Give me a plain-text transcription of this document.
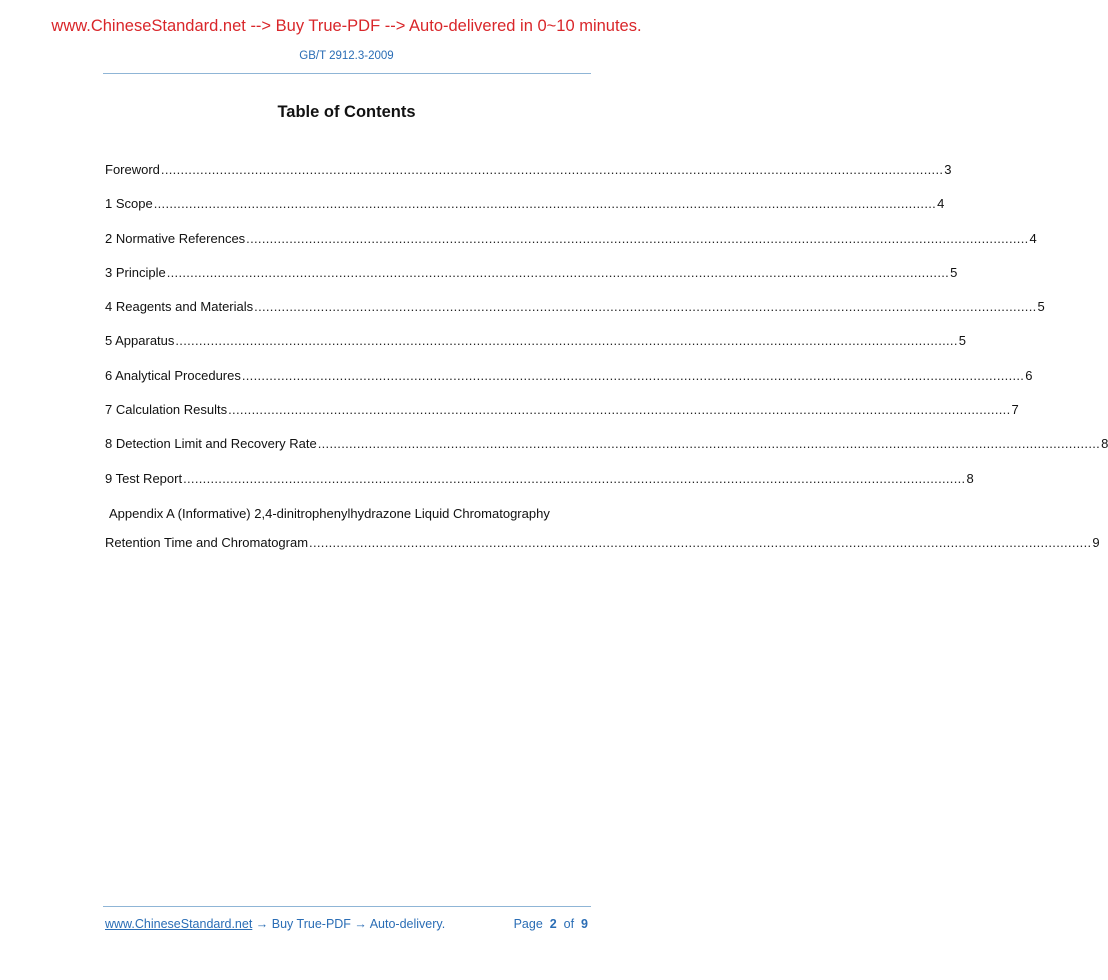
www.ChineseStandard.net --> Buy True-PDF --> Auto-delivered in 0~10 minutes.
GB/T 2912.3-2009
Table of Contents
Foreword ........................................................................................................................................................................................................ 3
1 Scope ........................................................................................................................................................................................................ 4
2 Normative References ........................................................................................................................................................................................................ 4
3 Principle ........................................................................................................................................................................................................ 5
4 Reagents and Materials ........................................................................................................................................................................................................ 5
5 Apparatus ........................................................................................................................................................................................................ 5
6 Analytical Procedures ........................................................................................................................................................................................................ 6
7 Calculation Results ........................................................................................................................................................................................................ 7
8 Detection Limit and Recovery Rate ........................................................................................................................................................................................................ 8
9 Test Report ........................................................................................................................................................................................................ 8
Appendix A (Informative) 2,4-dinitrophenylhydrazone Liquid Chromatography
Retention Time and Chromatogram ........................................................................................................................................................................................................ 9
www.ChineseStandard.net → Buy True-PDF → Auto-delivery.	Page 2 of 9
